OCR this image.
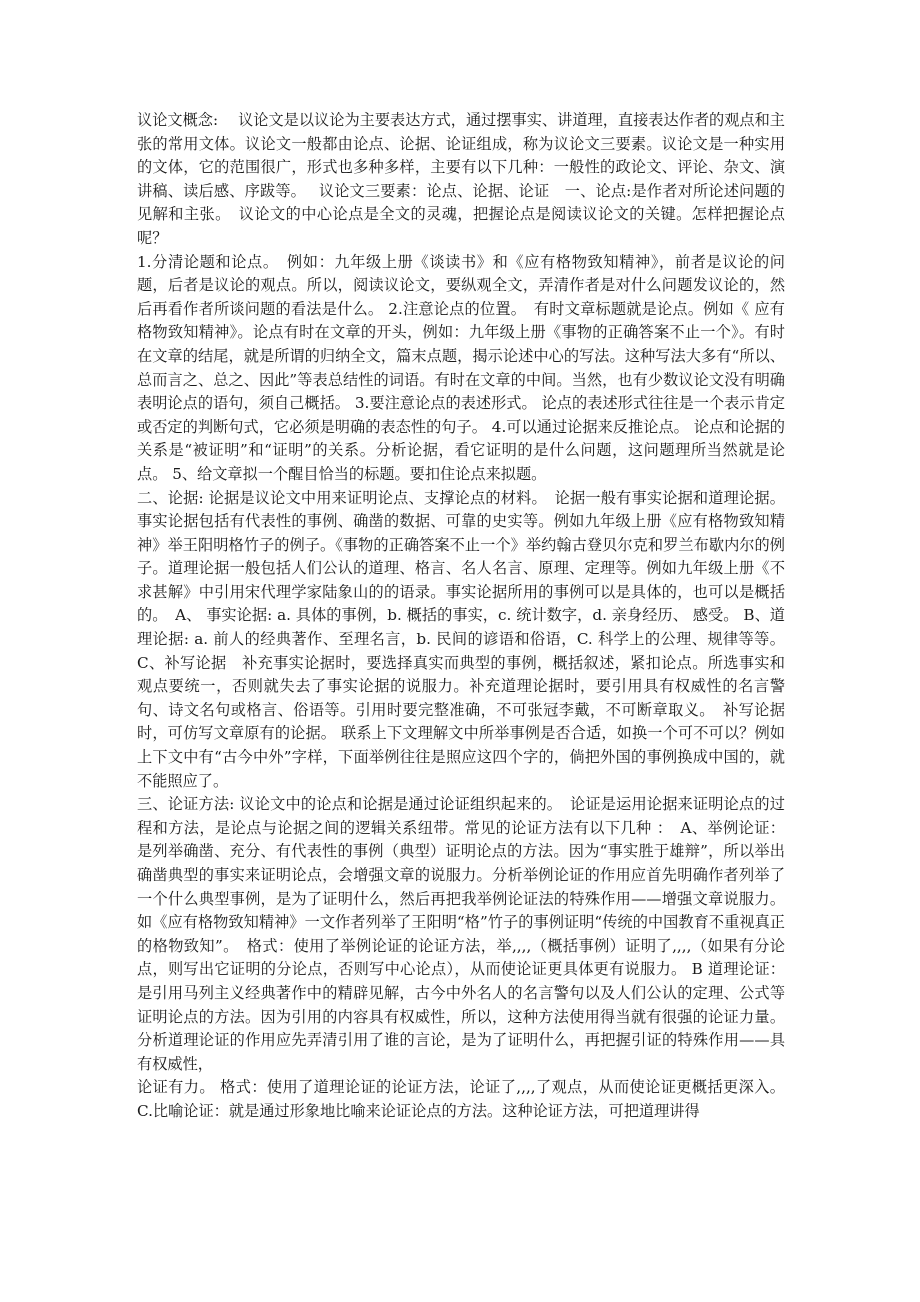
议论文概念:　 议论文是以议论为主要表达方式，通过摆事实、讲道理，直接表达作者的观点和主张的常用文体。议论文一般都由论点、论据、论证组成，称为议论文三要素。议论文是一种实用的文体，它的范围很广，形式也多种多样，主要有以下几种：一般性的政论文、评论、杂文、演讲稿、读后感、序跋等。　 议论文三要素：论点、论据、论证　一、论点:是作者对所论述问题的见解和主张。　议论文的中心论点是全文的灵魂，把握论点是阅读议论文的关键。怎样把握论点呢？

1.分清论题和论点。　例如：九年级上册《谈读书》和《应有格物致知精神》，前者是议论的问题，后者是议论的观点。所以，阅读议论文，要纵观全文，弄清作者是对什么问题发议论的，然后再看作者所谈问题的看法是什么。 2.注意论点的位置。　有时文章标题就是论点。例如《 应有格物致知精神》。论点有时在文章的开头，例如：九年级上册《事物的正确答案不止一个》。有时在文章的结尾，就是所谓的归纳全文，篇末点题，揭示论述中心的写法。这种写法大多有“所以、总而言之、总之、因此”等表总结性的词语。有时在文章的中间。当然，也有少数议论文没有明确表明论点的语句，须自己概括。 3.要注意论点的表述形式。 论点的表述形式往往是一个表示肯定或否定的判断句式，它必须是明确的表态性的句子。 4.可以通过论据来反推论点。 论点和论据的关系是“被证明”和“证明”的关系。分析论据，看它证明的是什么问题，这问题理所当然就是论点。 5、给文章拟一个醒目恰当的标题。要扣住论点来拟题。

二、论据: 论据是议论文中用来证明论点、支撑论点的材料。　论据一般有事实论据和道理论据。事实论据包括有代表性的事例、确凿的数据、可靠的史实等。例如九年级上册《应有格物致知精神》举王阳明格竹子的例子。《事物的正确答案不止一个》举约翰古登贝尔克和罗兰布歇内尔的例子。道理论据一般包括人们公认的道理、格言、名人名言、原理、定理等。例如九年级上册《不求甚解》中引用宋代理学家陆象山的的语录。事实论据所用的事例可以是具体的，也可以是概括的。　A、 事实论据: a. 具体的事例，b. 概括的事实，c. 统计数字，d. 亲身经历、 感受。 B、道理论据: a. 前人的经典著作、至理名言，b. 民间的谚语和俗语，C. 科学上的公理、规律等等。 C、补写论据　补充事实论据时，要选择真实而典型的事例，概括叙述，紧扣论点。所选事实和观点要统一，否则就失去了事实论据的说服力。补充道理论据时，要引用具有权威性的名言警句、诗文名句或格言、俗语等。引用时要完整准确，不可张冠李戴，不可断章取义。　补写论据时，可仿写文章原有的论据。 联系上下文理解文中所举事例是否合适，如换一个可不可以？例如上下文中有“古今中外”字样，下面举例往往是照应这四个字的，倘把外国的事例换成中国的，就不能照应了。

三、论证方法: 议论文中的论点和论据是通过论证组织起来的。　论证是运用论据来证明论点的过程和方法，是论点与论据之间的逻辑关系纽带。常见的论证方法有以下几种 ：　A、举例论证： 是列举确凿、充分、有代表性的事例（典型）证明论点的方法。因为“事实胜于雄辩”，所以举出确凿典型的事实来证明论点，会增强文章的说服力。分析举例论证的作用应首先明确作者列举了一个什么典型事例，是为了证明什么，然后再把我举例论证法的特殊作用——增强文章说服力。如《应有格物致知精神》一文作者列举了王阳明“格”竹子的事例证明“传统的中国教育不重视真正的格物致知”。　格式：使用了举例论证的论证方法，举,,,,（概括事例）证明了,,,,（如果有分论点，则写出它证明的分论点，否则写中心论点），从而使论证更具体更有说服力。 B 道理论证：是引用马列主义经典著作中的精辟见解，古今中外名人的名言警句以及人们公认的定理、公式等证明论点的方法。因为引用的内容具有权威性，所以，这种方法使用得当就有很强的论证力量。分析道理论证的作用应先弄清引用了谁的言论，是为了证明什么，再把握引证的特殊作用——具有权威性，

论证有力。 格式：使用了道理论证的论证方法，论证了,,,,了观点，从而使论证更概括更深入。 C.比喻论证：就是通过形象地比喻来论证论点的方法。这种论证方法，可把道理讲得
